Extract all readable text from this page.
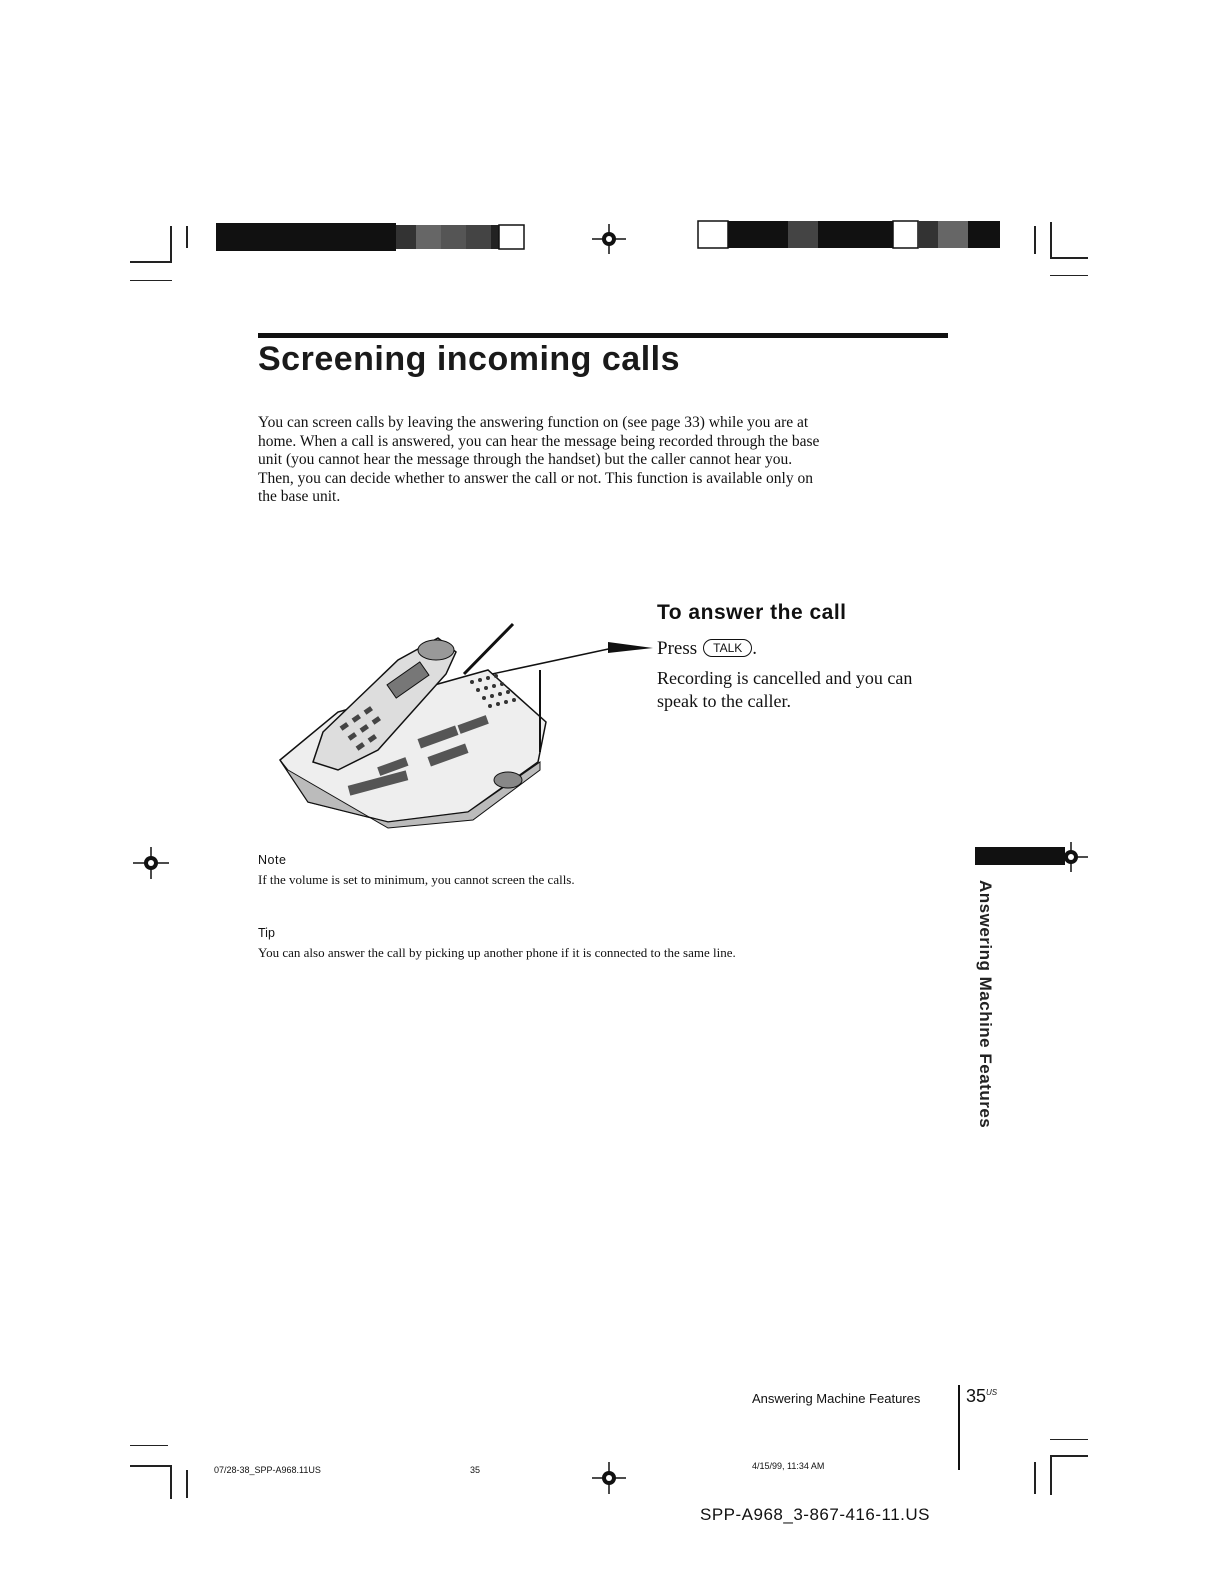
Screening incoming calls
You can screen calls by leaving the answering function on (see page 33) while you are at home. When a call is answered, you can hear the message being recorded through the base unit (you cannot hear the message through the handset) but the caller cannot hear you. Then, you can decide whether to answer the call or not. This function is available only on the base unit.
To answer the call
Press TALK .
Recording is cancelled and you can speak to the caller.
Note
If the volume is set to minimum, you cannot screen the calls.
Tip
You can also answer the call by picking up another phone if it is connected to the same line.	Answering Machine Features
Answering Machine Features	$35^{US}$
07/28-38_SPP-A968.11US	35	4/15/99, 11:34 AM
SPP-A968_3-867-416-11.US
